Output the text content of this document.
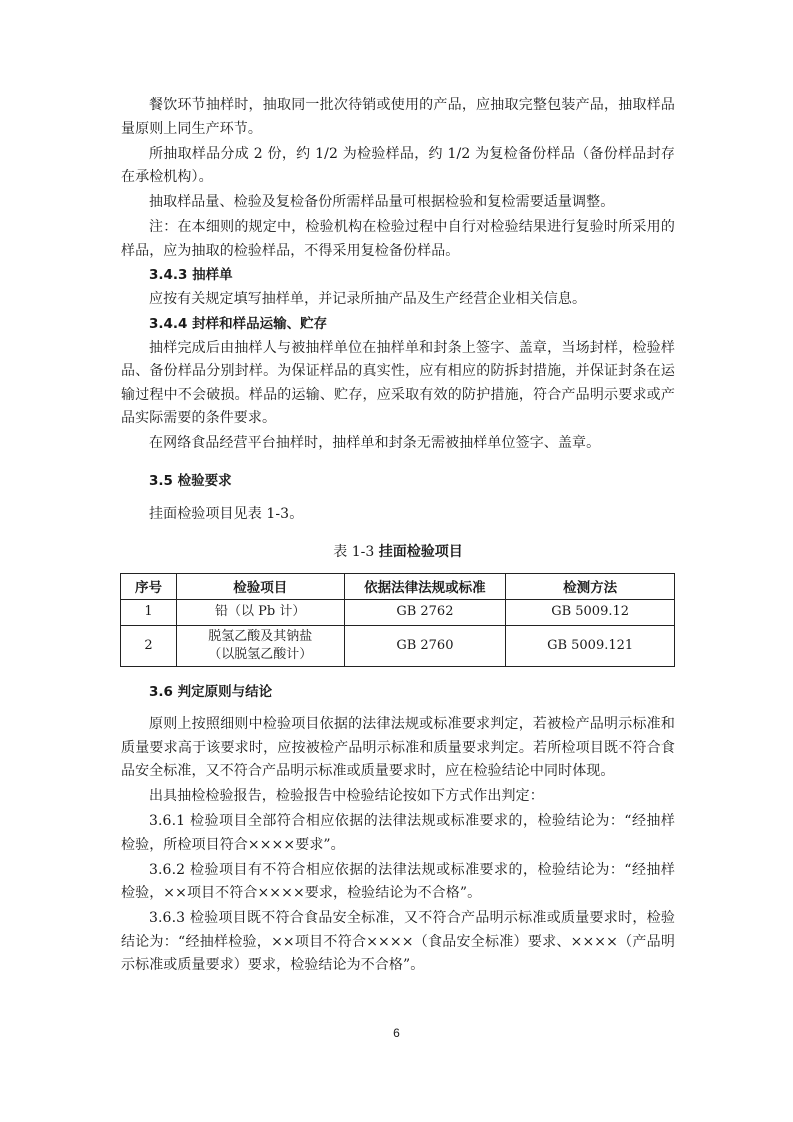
餐饮环节抽样时，抽取同一批次待销或使用的产品，应抽取完整包装产品，抽取样品量原则上同生产环节。

所抽取样品分成 2 份，约 1/2 为检验样品，约 1/2 为复检备份样品（备份样品封存在承检机构）。

抽取样品量、检验及复检备份所需样品量可根据检验和复检需要适量调整。

注：在本细则的规定中，检验机构在检验过程中自行对检验结果进行复验时所采用的样品，应为抽取的检验样品，不得采用复检备份样品。

3.4.3 抽样单

应按有关规定填写抽样单，并记录所抽产品及生产经营企业相关信息。

3.4.4 封样和样品运输、贮存

抽样完成后由抽样人与被抽样单位在抽样单和封条上签字、盖章，当场封样，检验样品、备份样品分别封样。为保证样品的真实性，应有相应的防拆封措施，并保证封条在运输过程中不会破损。样品的运输、贮存，应采取有效的防护措施，符合产品明示要求或产品实际需要的条件要求。

在网络食品经营平台抽样时，抽样单和封条无需被抽样单位签字、盖章。

3.5 检验要求

挂面检验项目见表 1-3。

表 1-3 挂面检验项目
序号	检验项目	依据法律法规或标准	检测方法
1	铅（以 Pb 计）	GB 2762	GB 5009.12
2	脱氢乙酸及其钠盐
（以脱氢乙酸计）	GB 2760	GB 5009.121
3.6 判定原则与结论

原则上按照细则中检验项目依据的法律法规或标准要求判定，若被检产品明示标准和质量要求高于该要求时，应按被检产品明示标准和质量要求判定。若所检项目既不符合食品安全标准，又不符合产品明示标准或质量要求时，应在检验结论中同时体现。

出具抽检检验报告，检验报告中检验结论按如下方式作出判定：

3.6.1 检验项目全部符合相应依据的法律法规或标准要求的，检验结论为：“经抽样检验，所检项目符合××××要求”。

3.6.2 检验项目有不符合相应依据的法律法规或标准要求的，检验结论为：“经抽样检验，××项目不符合××××要求，检验结论为不合格”。

3.6.3 检验项目既不符合食品安全标准，又不符合产品明示标准或质量要求时，检验结论为：“经抽样检验，××项目不符合××××（食品安全标准）要求、××××（产品明示标准或质量要求）要求，检验结论为不合格”。

6
